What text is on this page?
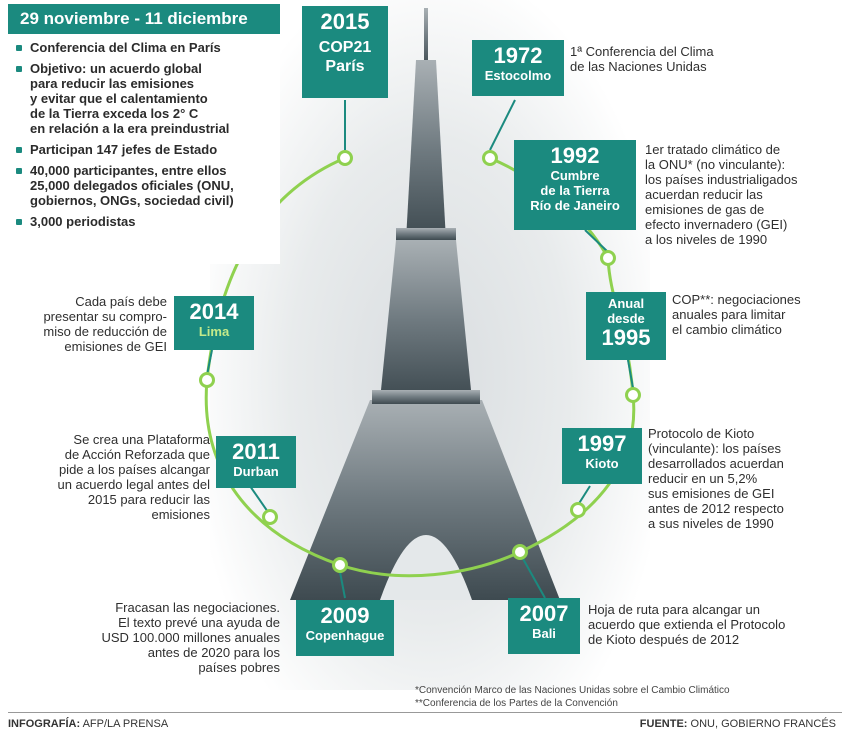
29 noviembre - 11 diciembre
Conferencia del Clima en París
Objetivo: un acuerdo global
para reducir las emisiones
y evitar que el calentamiento
de la Tierra exceda los 2° C
en relación a la era preindustrial
Participan 147 jefes de Estado
40,000 participantes, entre ellos
25,000 delegados oficiales (ONU,
gobiernos, ONGs, sociedad civil)
3,000 periodistas
2015
COP21
París	1972
Estocolmo
1ª Conferencia del Clima
de las Naciones Unidas
1992
Cumbre
de la Tierra
Río de Janeiro
1er tratado climático de
la ONU* (no vinculante):
los países industrialigados
acuerdan reducir las
emisiones de gas de
efecto invernadero (GEI)
a los niveles de 1990
Anual
desde
1995
COP**: negociaciones
anuales para limitar
el cambio climático
1997
Kioto
Protocolo de Kioto
(vinculante): los países
desarrollados acuerdan
reducir en un 5,2%
sus emisiones de GEI
antes de 2012 respecto
a sus niveles de 1990
2007
Bali
Hoja de ruta para alcangar un
acuerdo que extienda el Protocolo
de Kioto después de 2012
2009
Copenhague
Fracasan las negociaciones.
El texto prevé una ayuda de
USD 100.000 millones anuales
antes de 2020 para los
países pobres
2011
Durban
Se crea una Plataforma
de Acción Reforzada que
pide a los países alcangar
un acuerdo legal antes del
2015 para reducir las
emisiones
2014
Lima
Cada país debe
presentar su compro-
miso de reducción de
emisiones de GEI
*Convención Marco de las Naciones Unidas sobre el Cambio Climático
**Conferencia de los Partes de la Convención
INFOGRAFÍA: AFP/LA PRENSA	FUENTE: ONU, GOBIERNO FRANCÉS
